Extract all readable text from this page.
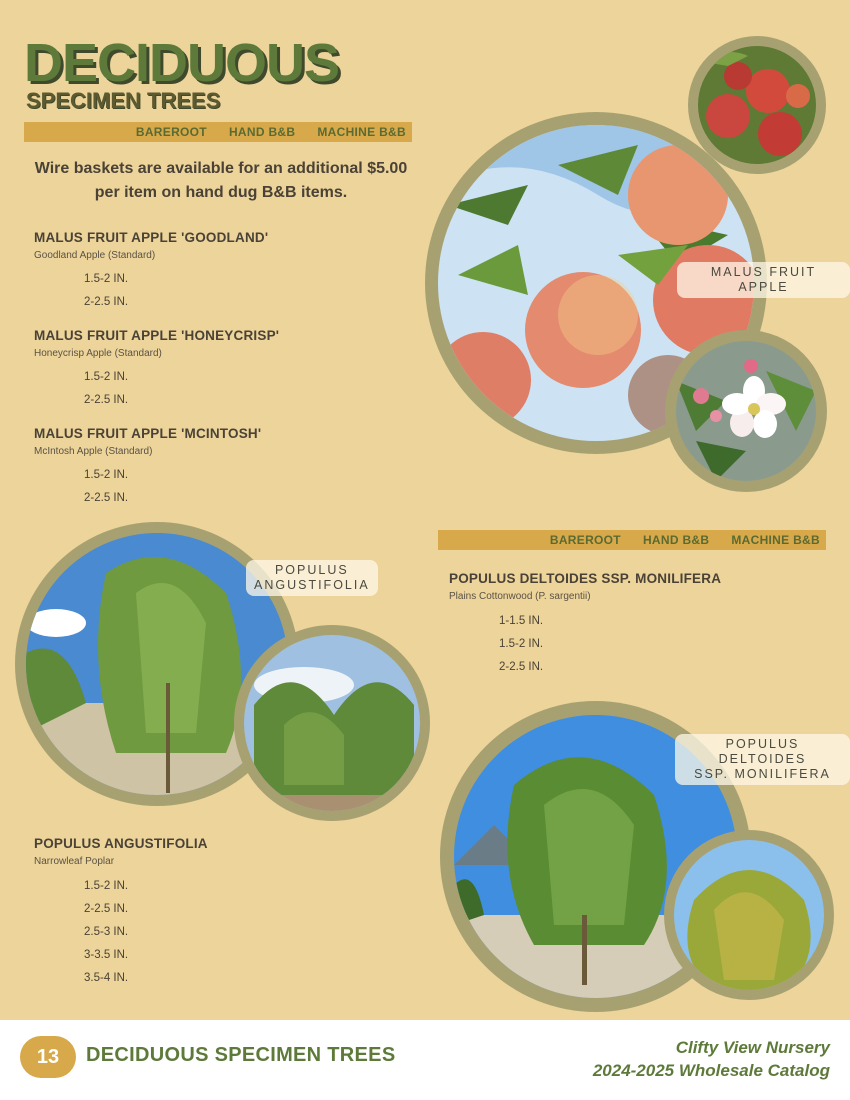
DECIDUOUS
SPECIMEN TREES
BAREROOT HAND B&B MACHINE B&B
Wire baskets are available for an additional $5.00 per item on hand dug B&B items.
MALUS FRUIT APPLE 'GOODLAND'
Goodland Apple (Standard)
1.5-2 IN.
2-2.5 IN.
MALUS FRUIT APPLE 'HONEYCRISP'
Honeycrisp Apple (Standard)
1.5-2 IN.
2-2.5 IN.
MALUS FRUIT APPLE 'MCINTOSH'
McIntosh Apple (Standard)
1.5-2 IN.
2-2.5 IN.
MALUS FRUIT APPLE
BAREROOT HAND B&B MACHINE B&B
POPULUS DELTOIDES SSP. MONILIFERA
Plains Cottonwood (P. sargentii)
1-1.5 IN.
1.5-2 IN.
2-2.5 IN.
POPULUS
ANGUSTIFOLIA
POPULUS DELTOIDES
SSP. MONILIFERA
POPULUS ANGUSTIFOLIA
Narrowleaf Poplar
1.5-2 IN.
2-2.5 IN.
2.5-3 IN.
3-3.5 IN.
3.5-4 IN.
13	DECIDUOUS SPECIMEN TREES	Clifty View Nursery
2024-2025 Wholesale Catalog
